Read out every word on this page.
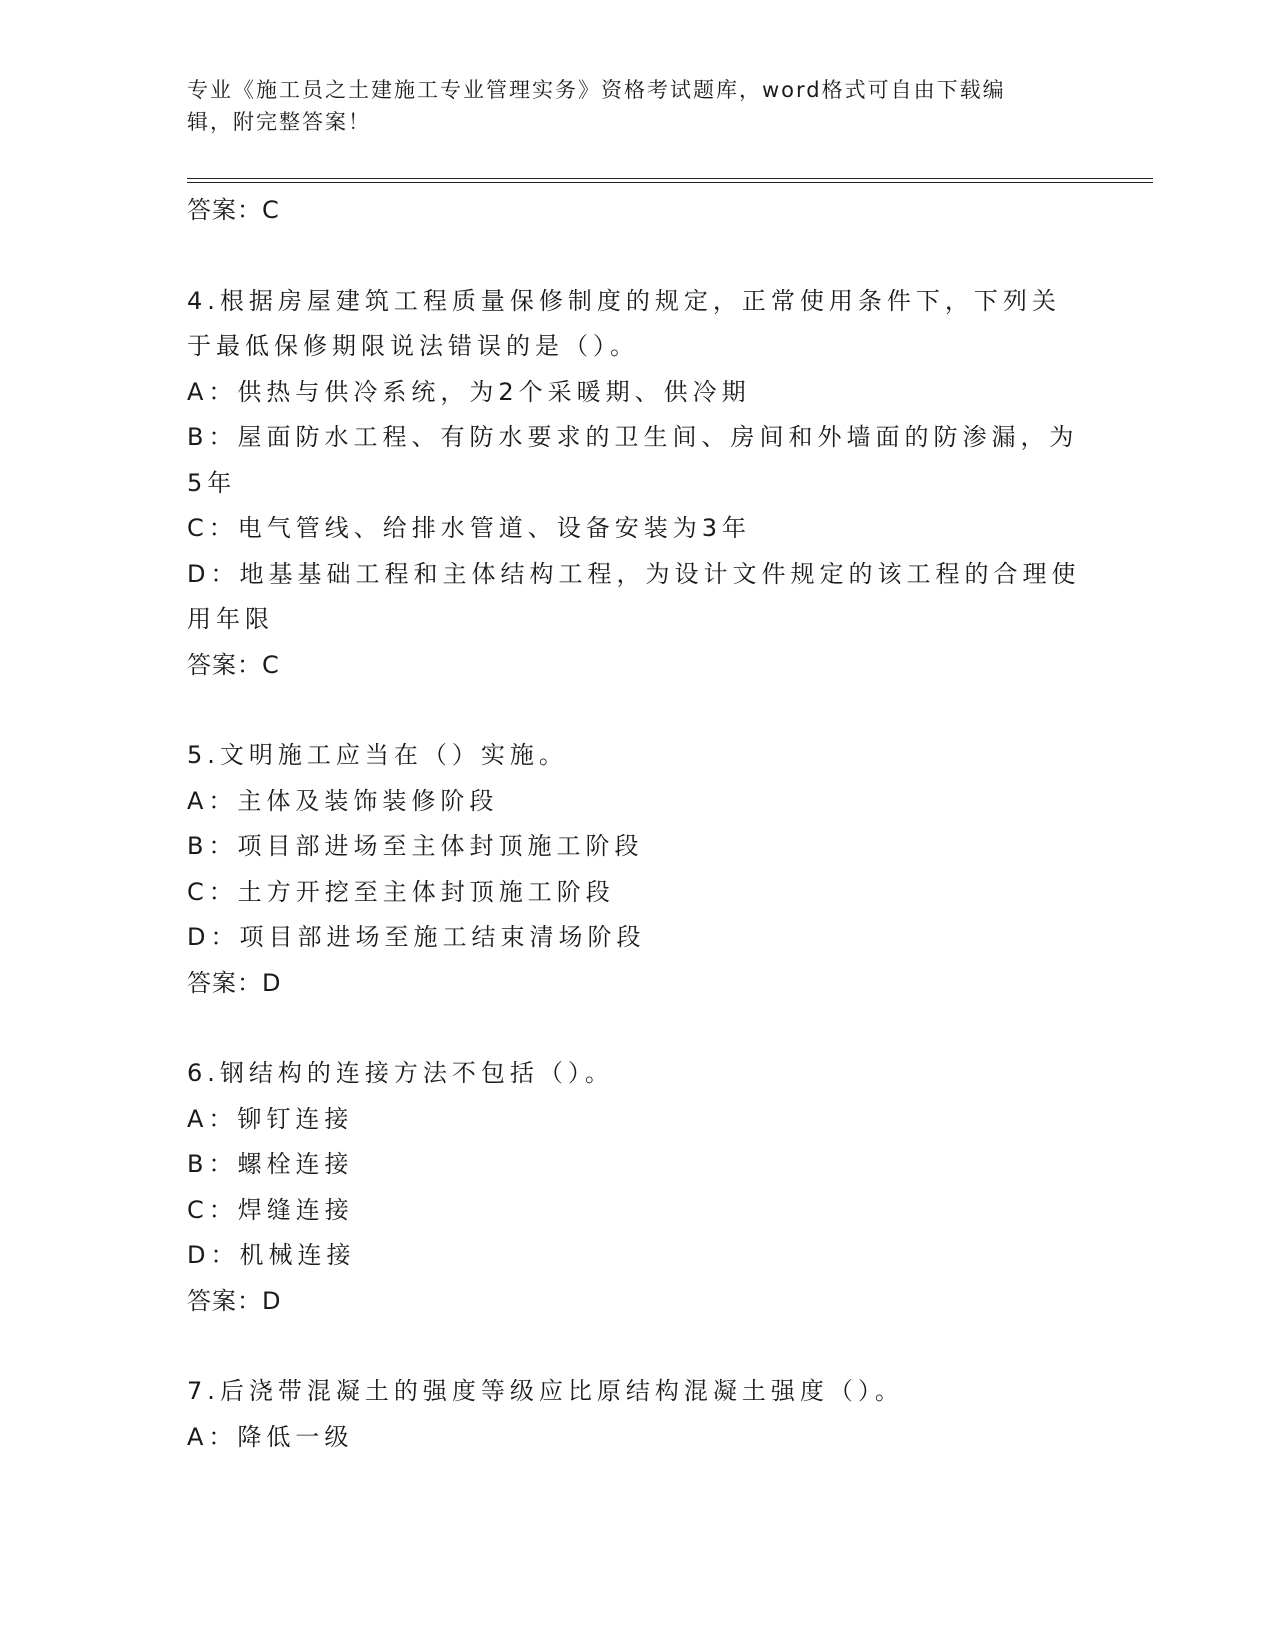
专业《施工员之土建施工专业管理实务》资格考试题库，word格式可自由下载编
辑，附完整答案！
答案：C
4.根据房屋建筑工程质量保修制度的规定，正常使用条件下，下列关
于最低保修期限说法错误的是（）。
A：供热与供冷系统，为2个采暖期、供冷期
B：屋面防水工程、有防水要求的卫生间、房间和外墙面的防渗漏，为
5年
C：电气管线、给排水管道、设备安装为3年
D：地基基础工程和主体结构工程，为设计文件规定的该工程的合理使
用年限
答案：C
5.文明施工应当在（）实施。
A：主体及装饰装修阶段
B：项目部进场至主体封顶施工阶段
C：土方开挖至主体封顶施工阶段
D：项目部进场至施工结束清场阶段
答案：D
6.钢结构的连接方法不包括（）。
A：铆钉连接
B：螺栓连接
C：焊缝连接
D：机械连接
答案：D
7.后浇带混凝土的强度等级应比原结构混凝土强度（）。
A：降低一级
